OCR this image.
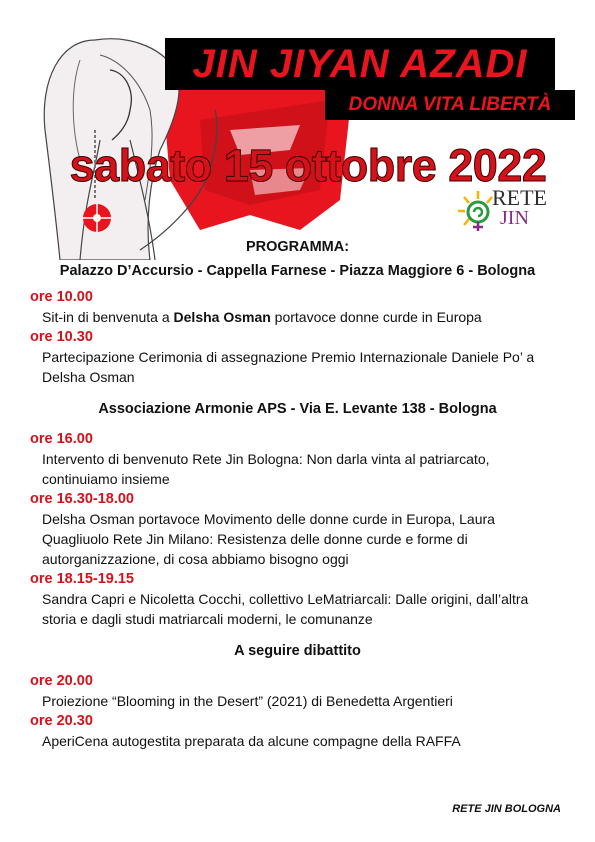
JIN JIYAN AZADI
DONNA VITA LIBERTÀ
sabato 15 ottobre 2022
RETE
JIN
PROGRAMMA:
Palazzo D’Accursio - Cappella Farnese - Piazza Maggiore 6 - Bologna
ore 10.00
Sit-in di benvenuta a Delsha Osman portavoce donne curde in Europa
ore 10.30
Partecipazione Cerimonia di assegnazione Premio Internazionale Daniele Po’ a Delsha Osman
Associazione Armonie APS - Via E. Levante 138 - Bologna
ore 16.00
Intervento di benvenuto Rete Jin Bologna: Non darla vinta al patriarcato, continuiamo insieme
ore 16.30-18.00
Delsha Osman portavoce Movimento delle donne curde in Europa, Laura Quagliuolo Rete Jin Milano: Resistenza delle donne curde e forme di autorganizzazione, di cosa abbiamo bisogno oggi
ore 18.15-19.15
Sandra Capri e Nicoletta Cocchi, collettivo LeMatriarcali: Dalle origini, dall’altra storia e dagli studi matriarcali moderni, le comunanze
A seguire dibattito
ore 20.00
Proiezione “Blooming in the Desert” (2021) di Benedetta Argentieri
ore 20.30
AperiCena autogestita preparata da alcune compagne della RAFFA
RETE JIN BOLOGNA
